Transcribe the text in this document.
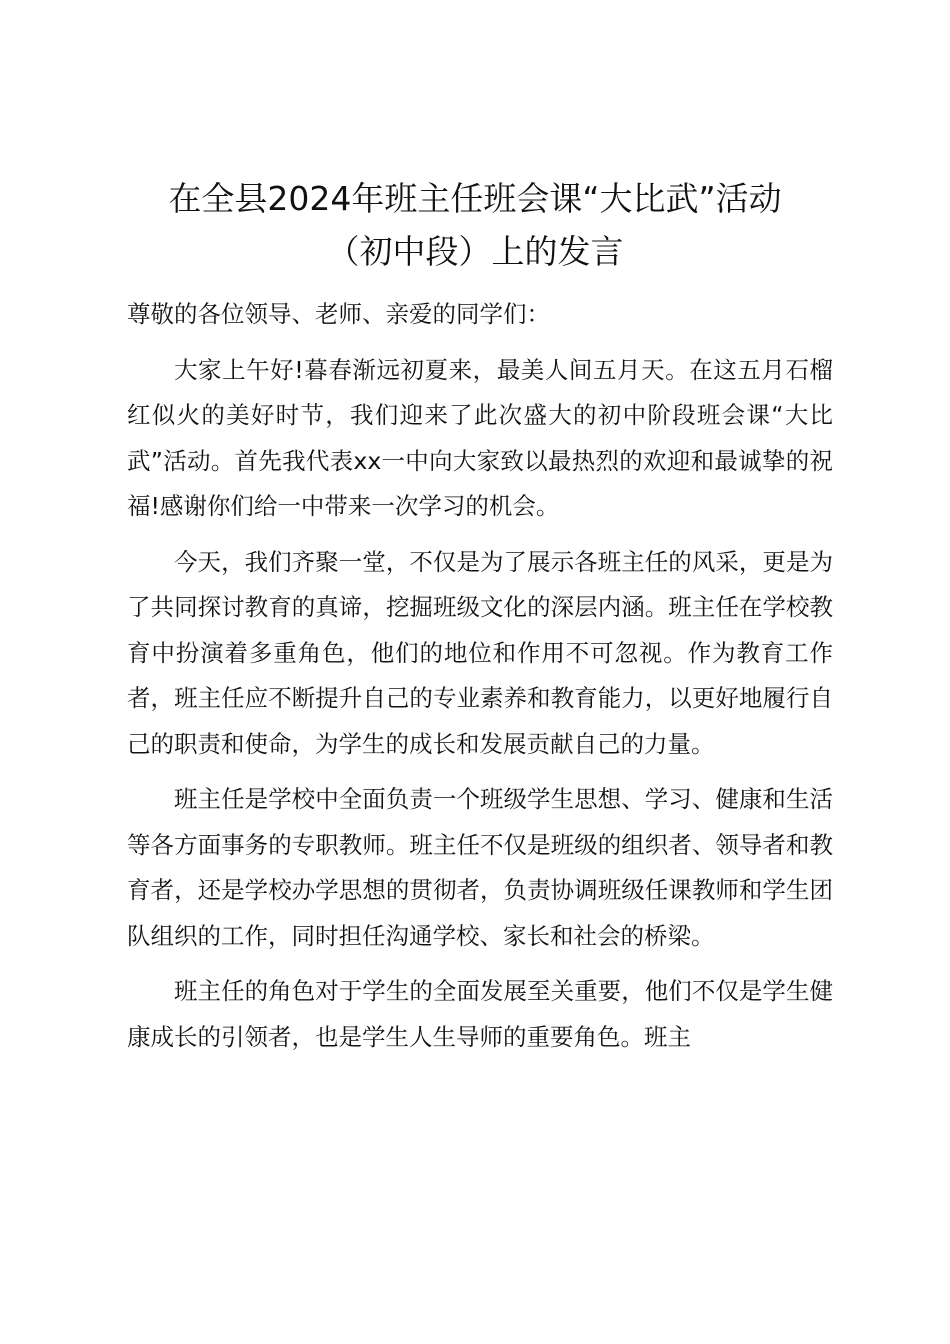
在全县2024年班主任班会课“大比武”活动
（初中段）上的发言

尊敬的各位领导、老师、亲爱的同学们：

大家上午好!暮春渐远初夏来，最美人间五月天。在这五月石榴红似火的美好时节，我们迎来了此次盛大的初中阶段班会课“大比武”活动。首先我代表xx一中向大家致以最热烈的欢迎和最诚挚的祝福!感谢你们给一中带来一次学习的机会。

今天，我们齐聚一堂，不仅是为了展示各班主任的风采，更是为了共同探讨教育的真谛，挖掘班级文化的深层内涵。班主任在学校教育中扮演着多重角色，他们的地位和作用不可忽视。作为教育工作者，班主任应不断提升自己的专业素养和教育能力，以更好地履行自己的职责和使命，为学生的成长和发展贡献自己的力量。

班主任是学校中全面负责一个班级学生思想、学习、健康和生活等各方面事务的专职教师。班主任不仅是班级的组织者、领导者和教育者，还是学校办学思想的贯彻者，负责协调班级任课教师和学生团队组织的工作，同时担任沟通学校、家长和社会的桥梁。

班主任的角色对于学生的全面发展至关重要，他们不仅是学生健康成长的引领者，也是学生人生导师的重要角色。班主
